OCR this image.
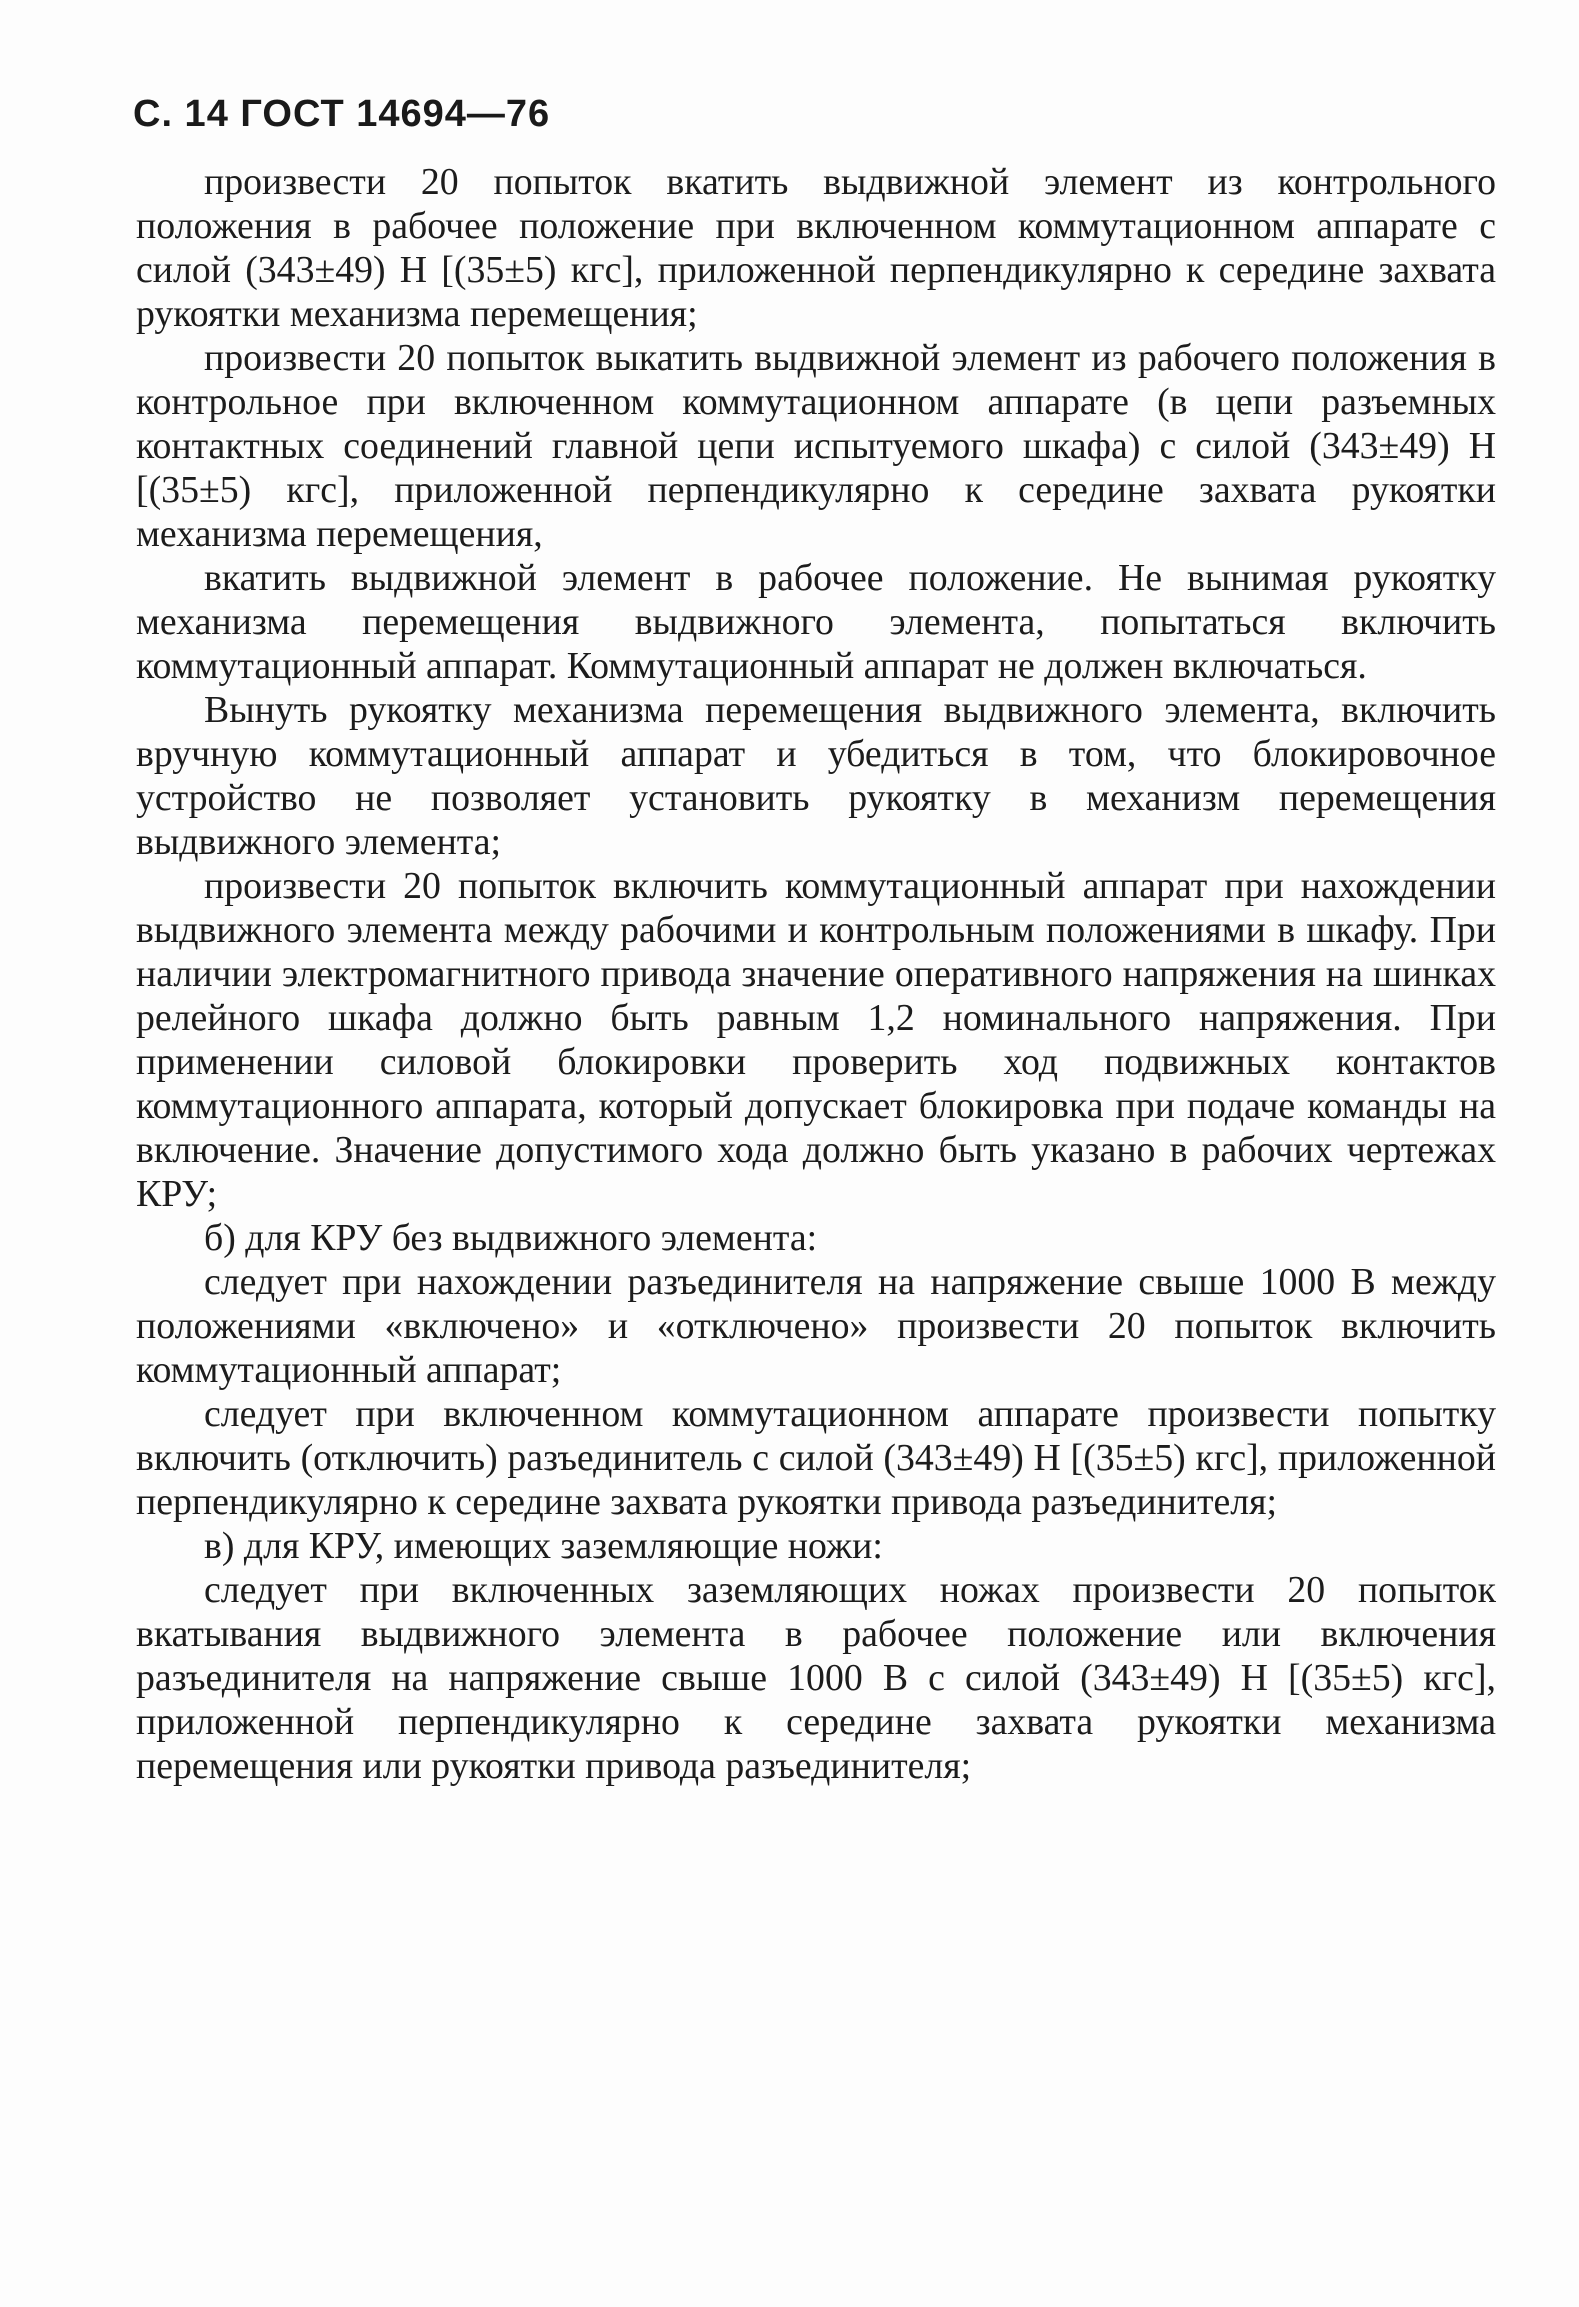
С. 14 ГОСТ 14694—76

произвести 20 попыток вкатить выдвижной элемент из контрольного положения в рабочее положение при включенном коммутационном аппарате с силой (343±49) Н [(35±5) кгс], приложенной перпендикулярно к середине захвата рукоятки механизма перемещения;

произвести 20 попыток выкатить выдвижной элемент из рабочего положения в контрольное при включенном коммутационном аппарате (в цепи разъемных контактных соединений главной цепи испытуемого шкафа) с силой (343±49) Н [(35±5) кгс], приложенной перпендикулярно к середине захвата рукоятки механизма перемещения,

вкатить выдвижной элемент в рабочее положение. Не вынимая рукоятку механизма перемещения выдвижного элемента, попытаться включить коммутационный аппарат. Коммутационный аппарат не должен включаться.

Вынуть рукоятку механизма перемещения выдвижного элемента, включить вручную коммутационный аппарат и убедиться в том, что блокировочное устройство не позволяет установить рукоятку в механизм перемещения выдвижного элемента;

произвести 20 попыток включить коммутационный аппарат при нахождении выдвижного элемента между рабочими и контрольным положениями в шкафу. При наличии электромагнитного привода значение оперативного напряжения на шинках релейного шкафа должно быть равным 1,2 номинального напряжения. При применении силовой блокировки проверить ход подвижных контактов коммутационного аппарата, который допускает блокировка при подаче команды на включение. Значение допустимого хода должно быть указано в рабочих чертежах КРУ;

б) для КРУ без выдвижного элемента:

следует при нахождении разъединителя на напряжение свыше 1000 В между положениями «включено» и «отключено» произвести 20 попыток включить коммутационный аппарат;

следует при включенном коммутационном аппарате произвести попытку включить (отключить) разъединитель с силой (343±49) Н [(35±5) кгс], приложенной перпендикулярно к середине захвата рукоятки привода разъединителя;

в) для КРУ, имеющих заземляющие ножи:

следует при включенных заземляющих ножах произвести 20 попыток вкатывания выдвижного элемента в рабочее положение или включения разъединителя на напряжение свыше 1000 В с силой (343±49) Н [(35±5) кгс], приложенной перпендикулярно к середине захвата рукоятки механизма перемещения или рукоятки привода разъединителя;
